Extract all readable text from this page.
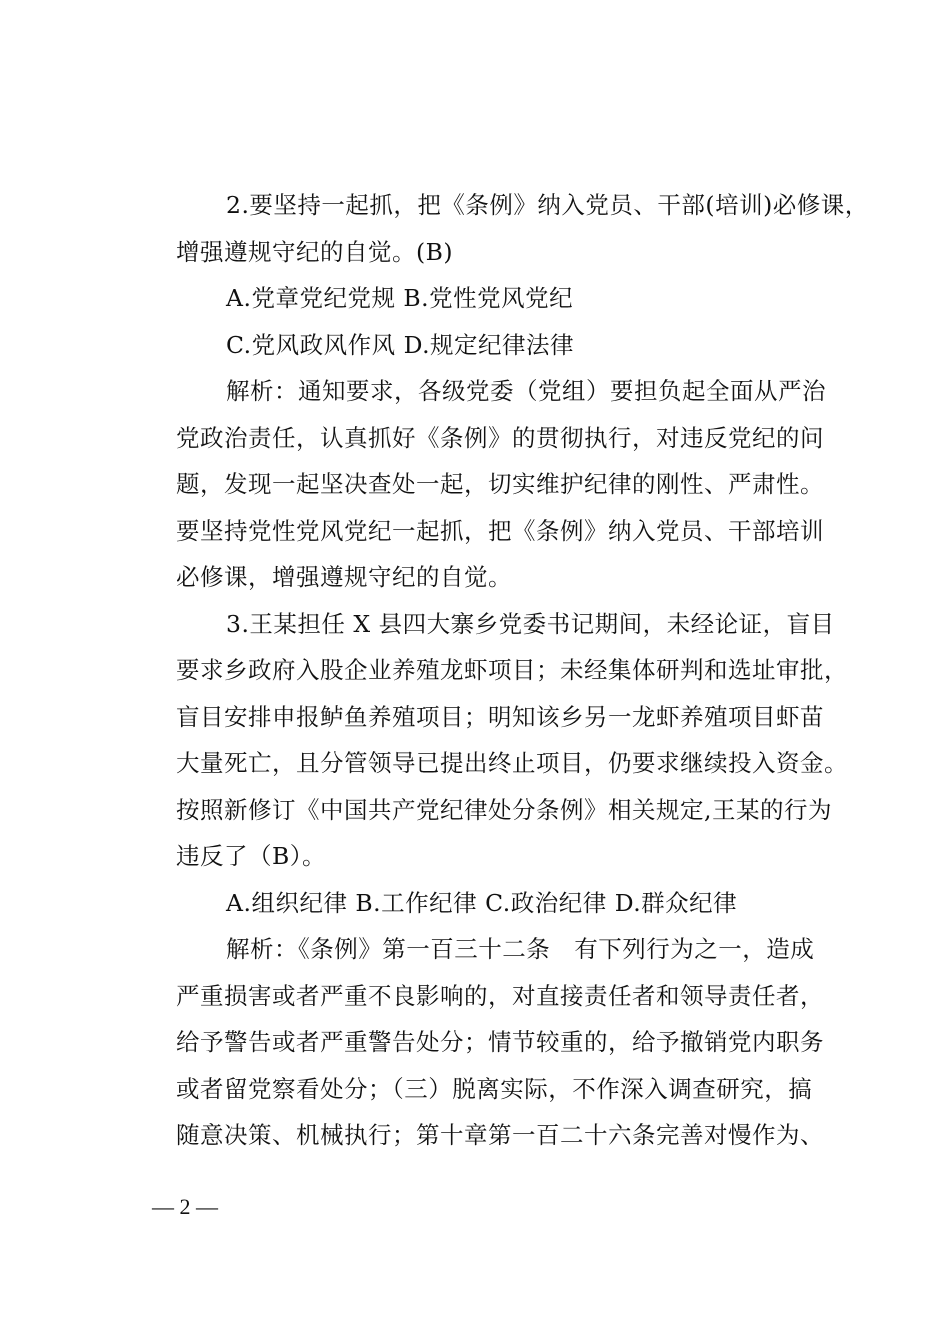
2.要坚持一起抓，把《条例》纳入党员、干部(培训)必修课，
增强遵规守纪的自觉。(B)

A.党章党纪党规 B.党性党风党纪

C.党风政风作风 D.规定纪律法律

解析：通知要求，各级党委（党组）要担负起全面从严治
党政治责任，认真抓好《条例》的贯彻执行，对违反党纪的问
题，发现一起坚决查处一起，切实维护纪律的刚性、严肃性。
要坚持党性党风党纪一起抓，把《条例》纳入党员、干部培训
必修课，增强遵规守纪的自觉。

3.王某担任 X 县四大寨乡党委书记期间，未经论证，盲目
要求乡政府入股企业养殖龙虾项目；未经集体研判和选址审批，
盲目安排申报鲈鱼养殖项目；明知该乡另一龙虾养殖项目虾苗
大量死亡，且分管领导已提出终止项目，仍要求继续投入资金。
按照新修订《中国共产党纪律处分条例》相关规定,王某的行为
违反了（B）。

A.组织纪律 B.工作纪律 C.政治纪律 D.群众纪律

解析：《条例》第一百三十二条　有下列行为之一，造成
严重损害或者严重不良影响的，对直接责任者和领导责任者，
给予警告或者严重警告处分；情节较重的，给予撤销党内职务
或者留党察看处分；（三）脱离实际，不作深入调查研究，搞
随意决策、机械执行；第十章第一百二十六条完善对慢作为、

— 2 —
